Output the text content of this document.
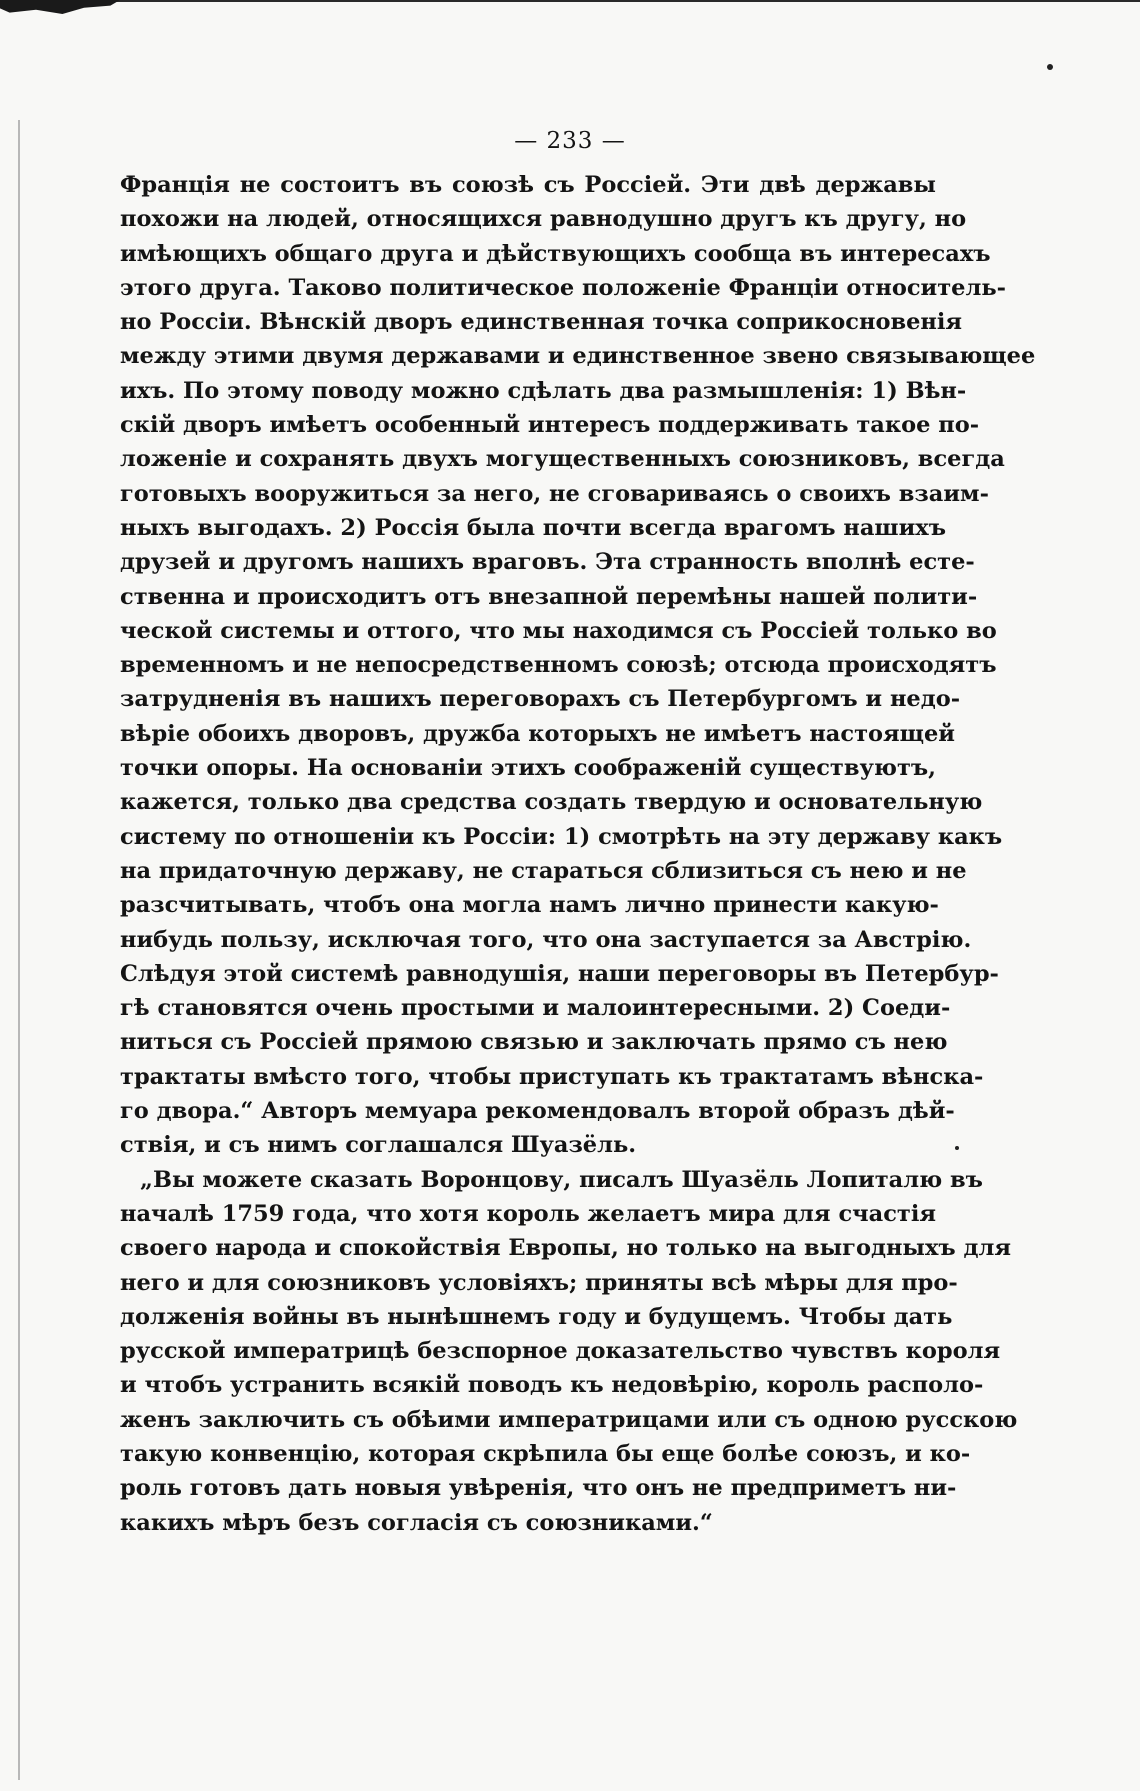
— 233 —
Францiя не состоитъ въ союзѣ съ Россiей. Эти двѣ державы
похожи на людей, относящихся равнодушно другъ къ другу, но
имѣющихъ общаго друга и дѣйствующихъ сообща въ интересахъ
этого друга. Таково политическое положенiе Францiи относитель-
но Россiи. Вѣнскiй дворъ единственная точка соприкосновенiя
между этими двумя державами и единственное звено связывающее
ихъ. По этому поводу можно сдѣлать два размышленiя: 1) Вѣн-
скiй дворъ имѣетъ особенный интересъ поддерживать такое по-
ложенiе и сохранять двухъ могущественныхъ союзниковъ, всегда
готовыхъ вооружиться за него, не сговариваясь о своихъ взаим-
ныхъ выгодахъ. 2) Россiя была почти всегда врагомъ нашихъ
друзей и другомъ нашихъ враговъ. Эта странность вполнѣ есте-
ственна и происходитъ отъ внезапной перемѣны нашей полити-
ческой системы и оттого, что мы находимся съ Россiей только во
временномъ и не непосредственномъ союзѣ; отсюда происходятъ
затрудненiя въ нашихъ переговорахъ съ Петербургомъ и недо-
вѣрiе обоихъ дворовъ, дружба которыхъ не имѣетъ настоящей
точки опоры. На основанiи этихъ соображенiй существуютъ,
кажется, только два средства создать твердую и основательную
систему по отношенiи къ Россiи: 1) смотрѣть на эту державу какъ
на придаточную державу, не стараться сблизиться съ нею и не
разсчитывать, чтобъ она могла намъ лично принести какую-
нибудь пользу, исключая того, что она заступается за Австрiю.
Слѣдуя этой системѣ равнодушiя, наши переговоры въ Петербур-
гѣ становятся очень простыми и малоинтересными. 2) Соеди-
ниться съ Россiей прямою связью и заключать прямо съ нею
трактаты вмѣсто того, чтобы приступать къ трактатамъ вѣнска-
го двора.“ Авторъ мемуара рекомендовалъ второй образъ дѣй-
ствiя, и съ нимъ соглашался Шуазёль.
„Вы можете сказать Воронцову, писалъ Шуазёль Лопиталю въ
началѣ 1759 года, что хотя король желаетъ мира для счастiя
своего народа и спокойствiя Европы, но только на выгодныхъ для
него и для союзниковъ условiяхъ; приняты всѣ мѣры для про-
долженiя войны въ нынѣшнемъ году и будущемъ. Чтобы дать
русской императрицѣ безспорное доказательство чувствъ короля
и чтобъ устранить всякiй поводъ къ недовѣрiю, король располо-
женъ заключить съ обѣими императрицами или съ одною русскою
такую конвенцiю, которая скрѣпила бы еще болѣе союзъ, и ко-
роль готовъ дать новыя увѣренiя, что онъ не предприметъ ни-
какихъ мѣръ безъ согласiя съ союзниками.“
